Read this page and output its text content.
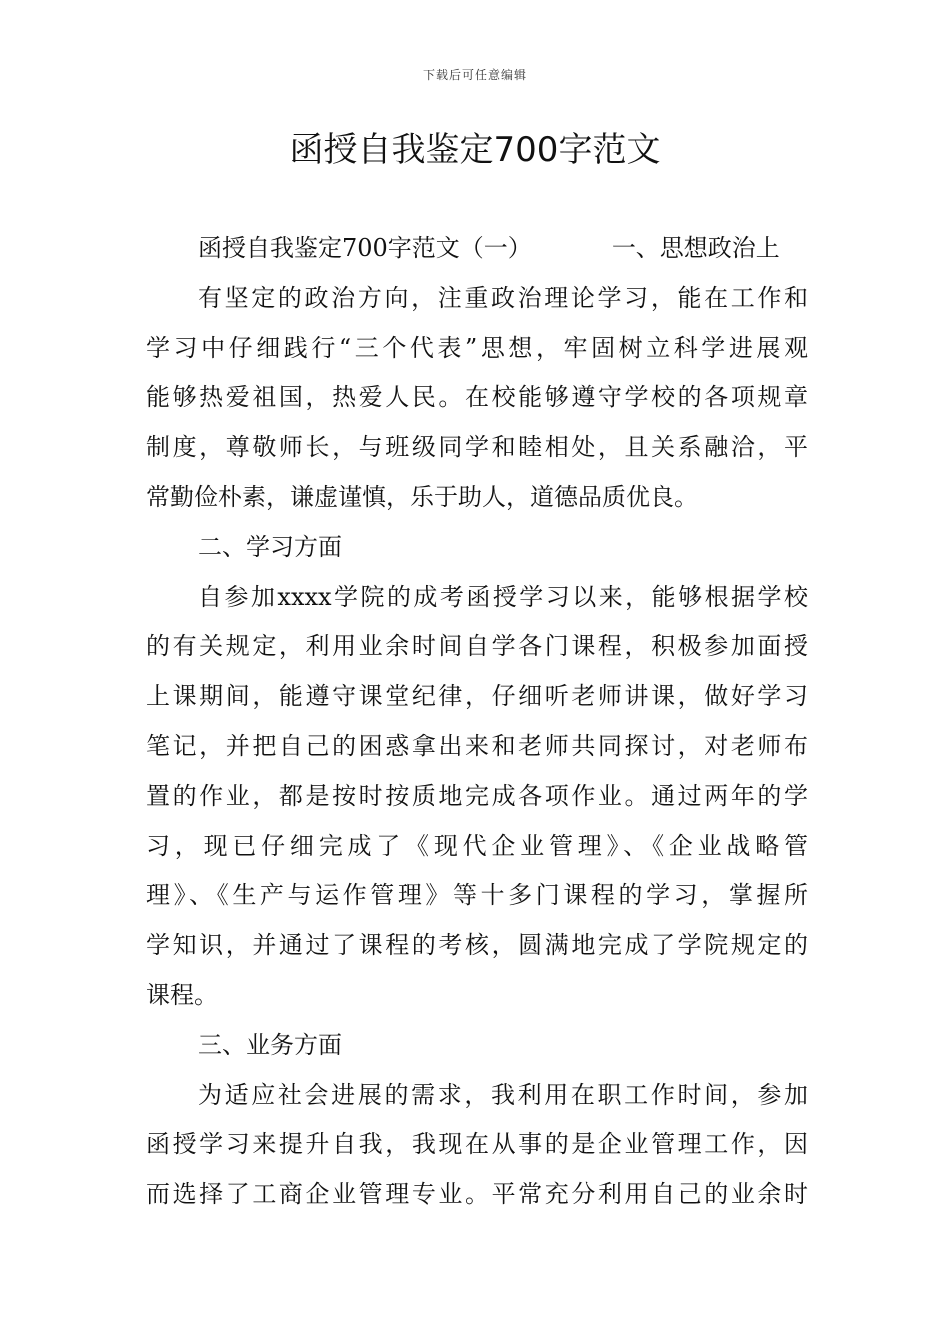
下载后可任意编辑
函授自我鉴定700字范文
函授自我鉴定700字范文（一）	一、思想政治上
有坚定的政治方向，注重政治理论学习，能在工作和
学习中仔细践行“三个代表”思想，牢固树立科学进展观
能够热爱祖国，热爱人民。在校能够遵守学校的各项规章
制度，尊敬师长，与班级同学和睦相处，且关系融洽，平
常勤俭朴素，谦虚谨慎，乐于助人，道德品质优良。
二、学习方面
自参加xxxx学院的成考函授学习以来，能够根据学校
的有关规定，利用业余时间自学各门课程，积极参加面授
上课期间，能遵守课堂纪律，仔细听老师讲课，做好学习
笔记，并把自己的困惑拿出来和老师共同探讨，对老师布
置的作业，都是按时按质地完成各项作业。通过两年的学
习，现已仔细完成了《现代企业管理》、《企业战略管
理》、《生产与运作管理》等十多门课程的学习，掌握所
学知识，并通过了课程的考核，圆满地完成了学院规定的
课程。
三、业务方面
为适应社会进展的需求，我利用在职工作时间，参加
函授学习来提升自我，我现在从事的是企业管理工作，因
而选择了工商企业管理专业。平常充分利用自己的业余时
